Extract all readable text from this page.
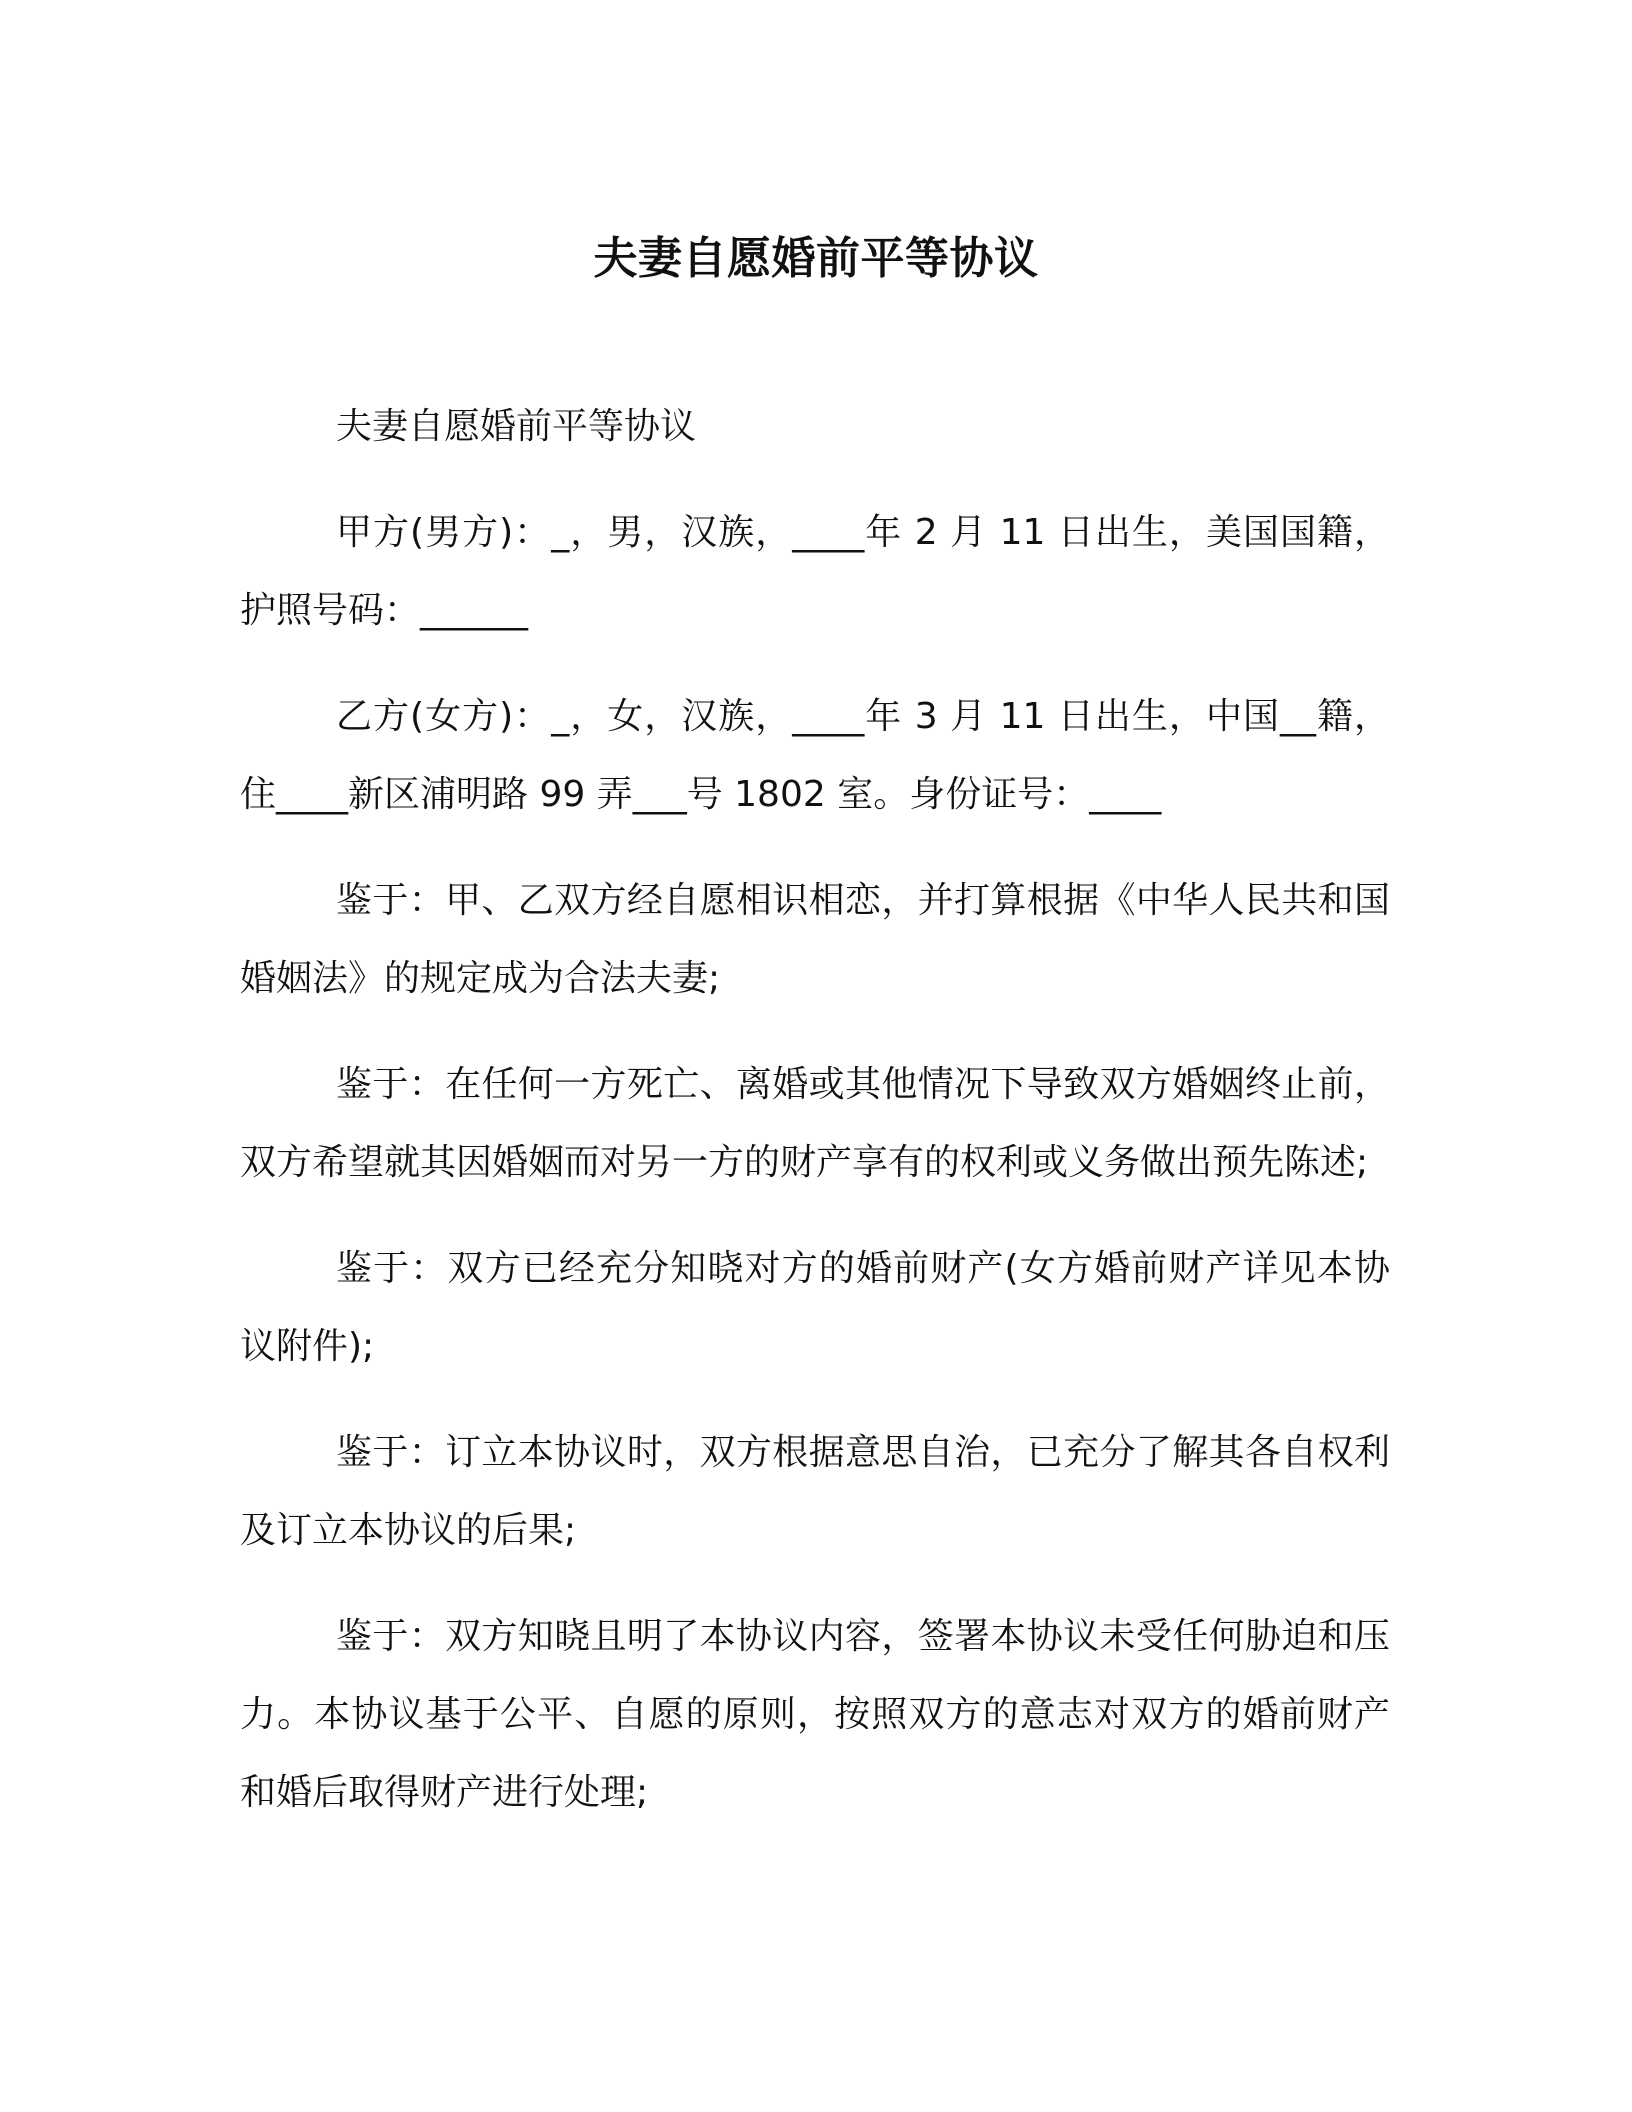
夫妻自愿婚前平等协议

夫妻自愿婚前平等协议

甲方(男方)：_，男，汉族，____年 2 月 11 日出生，美国国籍，护照号码：______

乙方(女方)：_，女，汉族，____年 3 月 11 日出生，中国__籍，住____新区浦明路 99 弄___号 1802 室。身份证号：____

鉴于：甲、乙双方经自愿相识相恋，并打算根据《中华人民共和国婚姻法》的规定成为合法夫妻;

鉴于：在任何一方死亡、离婚或其他情况下导致双方婚姻终止前，双方希望就其因婚姻而对另一方的财产享有的权利或义务做出预先陈述;

鉴于：双方已经充分知晓对方的婚前财产(女方婚前财产详见本协议附件);

鉴于：订立本协议时，双方根据意思自治，已充分了解其各自权利及订立本协议的后果;

鉴于：双方知晓且明了本协议内容，签署本协议未受任何胁迫和压力。本协议基于公平、自愿的原则，按照双方的意志对双方的婚前财产和婚后取得财产进行处理;
